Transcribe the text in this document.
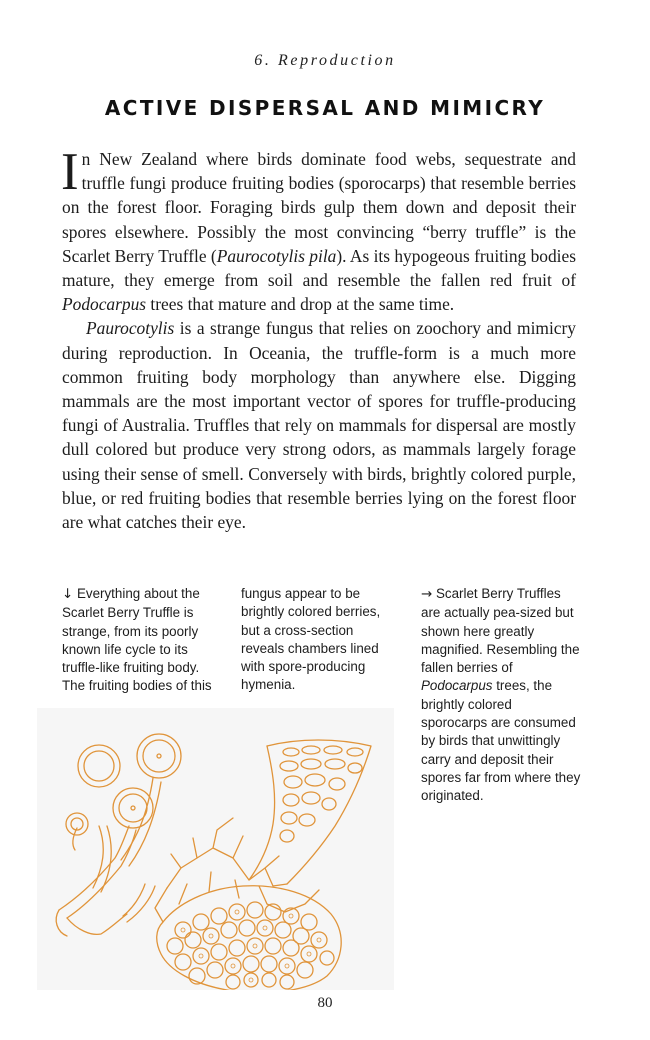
6. Reproduction
ACTIVE DISPERSAL AND MIMICRY

In New Zealand where birds dominate food webs, sequestrate and truffle fungi produce fruiting bodies (sporocarps) that resemble berries on the forest floor. Foraging birds gulp them down and deposit their spores elsewhere. Possibly the most convincing “berry truffle” is the Scarlet Berry Truffle (Paurocotylis pila). As its hypogeous fruiting bodies mature, they emerge from soil and resemble the fallen red fruit of Podocarpus trees that mature and drop at the same time.

Paurocotylis is a strange fungus that relies on zoochory and mimicry during reproduction. In Oceania, the truffle-form is a much more common fruiting body morphology than anywhere else. Digging mammals are the most important vector of spores for truffle-producing fungi of Australia. Truffles that rely on mammals for dispersal are mostly dull colored but produce very strong odors, as mammals largely forage using their sense of smell. Conversely with birds, brightly colored purple, blue, or red fruiting bodies that resemble berries lying on the forest floor are what catches their eye.

↓ Everything about the Scarlet Berry Truffle is strange, from its poorly known life cycle to its truffle-like fruiting body. The fruiting bodies of this
fungus appear to be brightly colored berries, but a cross-section reveals chambers lined with spore-producing hymenia.
→ Scarlet Berry Truffles are actually pea-sized but shown here greatly magnified. Resembling the fallen berries of Podocarpus trees, the brightly colored sporocarps are consumed by birds that unwittingly carry and deposit their spores far from where they originated.
80
